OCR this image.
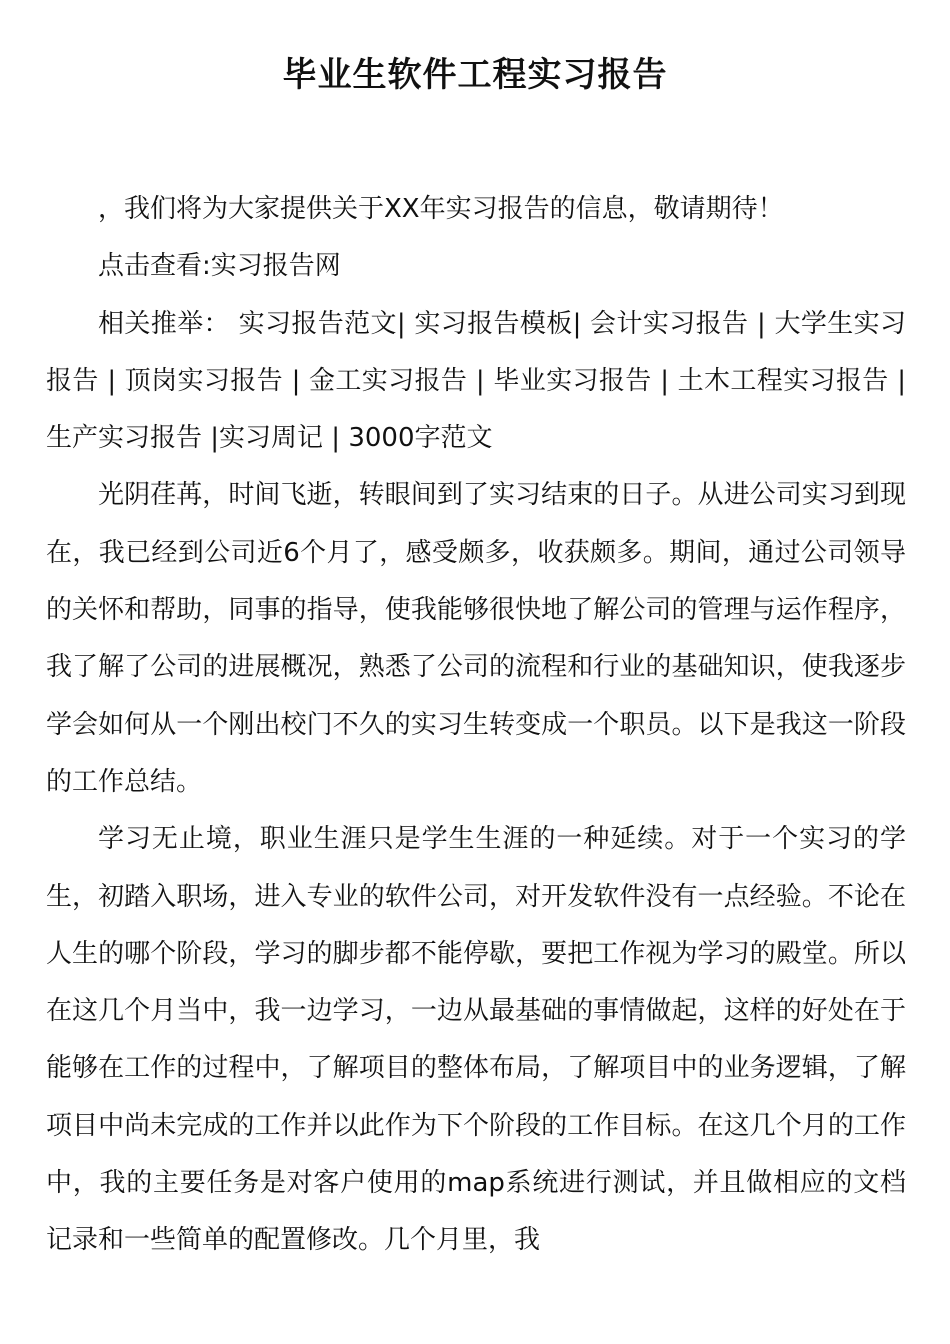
毕业生软件工程实习报告

，我们将为大家提供关于XX年实习报告的信息，敬请期待！

点击查看:实习报告网

相关推举： 实习报告范文| 实习报告模板| 会计实习报告 | 大学生实习报告 | 顶岗实习报告 | 金工实习报告 | 毕业实习报告 | 土木工程实习报告 | 生产实习报告 |实习周记 | 3000字范文

光阴荏苒，时间飞逝，转眼间到了实习结束的日子。从进公司实习到现在，我已经到公司近6个月了，感受颇多，收获颇多。期间，通过公司领导的关怀和帮助，同事的指导，使我能够很快地了解公司的管理与运作程序，我了解了公司的进展概况，熟悉了公司的流程和行业的基础知识，使我逐步学会如何从一个刚出校门不久的实习生转变成一个职员。以下是我这一阶段的工作总结。

学习无止境，职业生涯只是学生生涯的一种延续。对于一个实习的学生，初踏入职场，进入专业的软件公司，对开发软件没有一点经验。不论在人生的哪个阶段，学习的脚步都不能停歇，要把工作视为学习的殿堂。所以在这几个月当中，我一边学习，一边从最基础的事情做起，这样的好处在于能够在工作的过程中，了解项目的整体布局，了解项目中的业务逻辑，了解项目中尚未完成的工作并以此作为下个阶段的工作目标。在这几个月的工作中，我的主要任务是对客户使用的map系统进行测试，并且做相应的文档记录和一些简单的配置修改。几个月里，我
